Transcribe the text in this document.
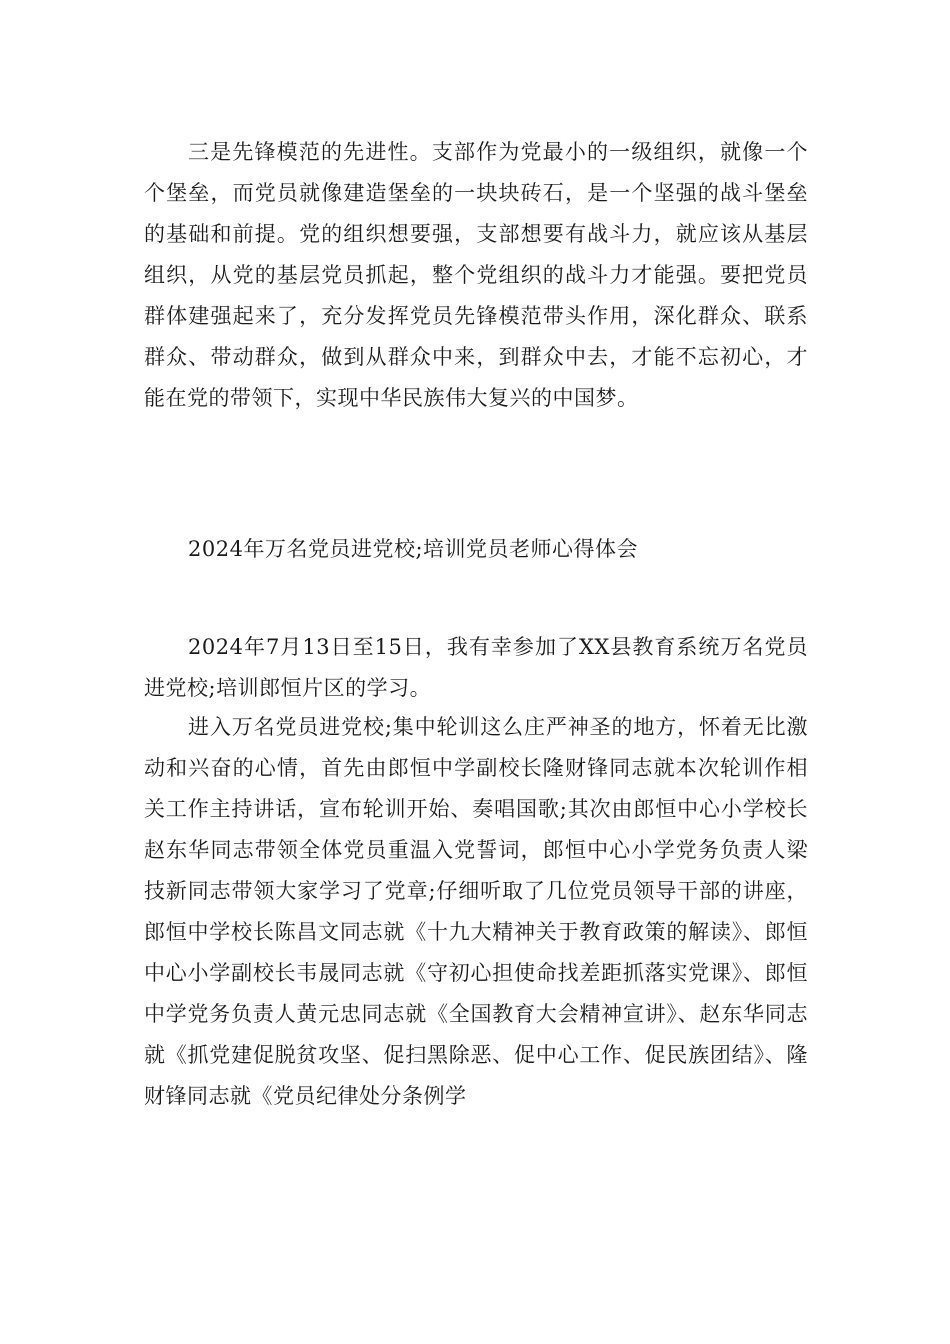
三是先锋模范的先进性。支部作为党最小的一级组织，就像一个个堡垒，而党员就像建造堡垒的一块块砖石，是一个坚强的战斗堡垒的基础和前提。党的组织想要强，支部想要有战斗力，就应该从基层组织，从党的基层党员抓起，整个党组织的战斗力才能强。要把党员群体建强起来了，充分发挥党员先锋模范带头作用，深化群众、联系群众、带动群众，做到从群众中来，到群众中去，才能不忘初心，才能在党的带领下，实现中华民族伟大复兴的中国梦。

2024年万名党员进党校;培训党员老师心得体会

2024年7月13日至15日，我有幸参加了XX县教育系统万名党员进党校;培训郎恒片区的学习。

进入万名党员进党校;集中轮训这么庄严神圣的地方，怀着无比激动和兴奋的心情，首先由郎恒中学副校长隆财锋同志就本次轮训作相关工作主持讲话，宣布轮训开始、奏唱国歌;其次由郎恒中心小学校长赵东华同志带领全体党员重温入党誓词，郎恒中心小学党务负责人梁技新同志带领大家学习了党章;仔细听取了几位党员领导干部的讲座，郎恒中学校长陈昌文同志就《十九大精神关于教育政策的解读》、郎恒中心小学副校长韦晟同志就《守初心担使命找差距抓落实党课》、郎恒中学党务负责人黄元忠同志就《全国教育大会精神宣讲》、赵东华同志就《抓党建促脱贫攻坚、促扫黑除恶、促中心工作、促民族团结》、隆财锋同志就《党员纪律处分条例学
